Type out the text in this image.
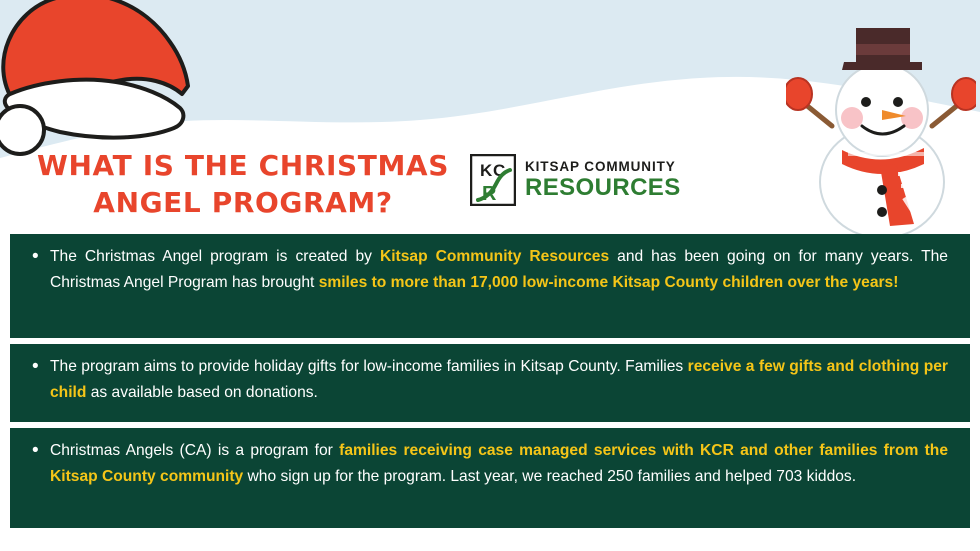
WHAT IS THE CHRISTMAS ANGEL PROGRAM?
K C
R
KITSAP COMMUNITY
RESOURCES
• The Christmas Angel program is created by Kitsap Community Resources and has been going on for many years. The Christmas Angel Program has brought smiles to more than 17,000 low-income Kitsap County children over the years!
• The program aims to provide holiday gifts for low-income families in Kitsap County. Families receive a few gifts and clothing per child as available based on donations.
• Christmas Angels (CA) is a program for families receiving case managed services with KCR and other families from the Kitsap County community who sign up for the program. Last year, we reached 250 families and helped 703 kiddos.
